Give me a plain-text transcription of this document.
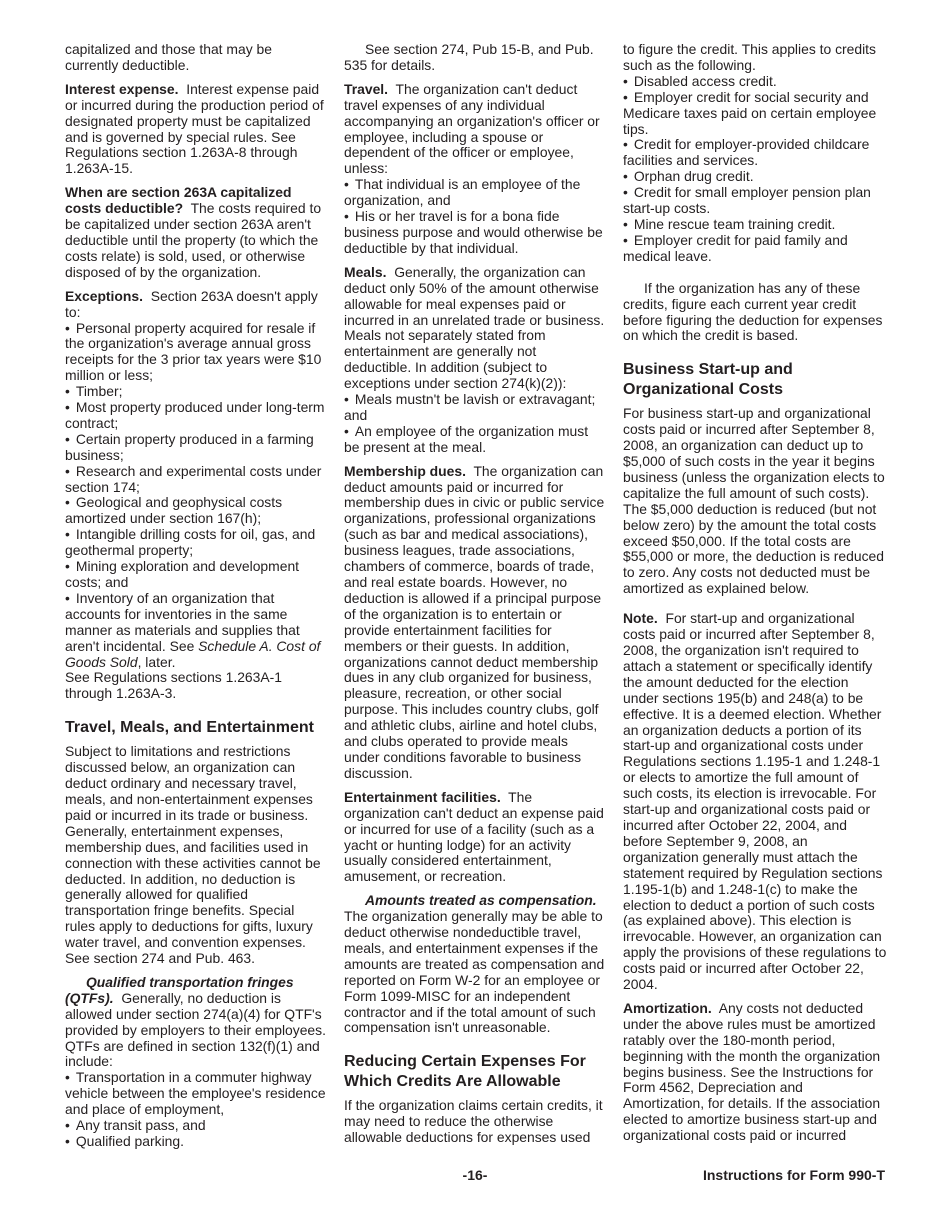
capitalized and those that may be currently deductible.

Interest expense. Interest expense paid or incurred during the production period of designated property must be capitalized and is governed by special rules. See Regulations section 1.263A-8 through 1.263A-15.

When are section 263A capitalized costs deductible? The costs required to be capitalized under section 263A aren't deductible until the property (to which the costs relate) is sold, used, or otherwise disposed of by the organization.

Exceptions. Section 263A doesn't apply to:

• Personal property acquired for resale if the organization's average annual gross receipts for the 3 prior tax years were $10 million or less;
• Timber;
• Most property produced under long-term contract;
• Certain property produced in a farming business;
• Research and experimental costs under section 174;
• Geological and geophysical costs amortized under section 167(h);
• Intangible drilling costs for oil, gas, and geothermal property;
• Mining exploration and development costs; and
• Inventory of an organization that accounts for inventories in the same manner as materials and supplies that aren't incidental. See Schedule A. Cost of Goods Sold, later.

See Regulations sections 1.263A-1 through 1.263A-3.

Travel, Meals, and Entertainment

Subject to limitations and restrictions discussed below, an organization can deduct ordinary and necessary travel, meals, and non-entertainment expenses paid or incurred in its trade or business. Generally, entertainment expenses, membership dues, and facilities used in connection with these activities cannot be deducted. In addition, no deduction is generally allowed for qualified transportation fringe benefits. Special rules apply to deductions for gifts, luxury water travel, and convention expenses. See section 274 and Pub. 463.

Qualified transportation fringes (QTFs). Generally, no deduction is allowed under section 274(a)(4) for QTF's provided by employers to their employees. QTFs are defined in section 132(f)(1) and include:

• Transportation in a commuter highway vehicle between the employee's residence and place of employment,
• Any transit pass, and
• Qualified parking.

See section 274, Pub 15-B, and Pub. 535 for details.

Travel. The organization can't deduct travel expenses of any individual accompanying an organization's officer or employee, including a spouse or dependent of the officer or employee, unless:

• That individual is an employee of the organization, and
• His or her travel is for a bona fide business purpose and would otherwise be deductible by that individual.

Meals. Generally, the organization can deduct only 50% of the amount otherwise allowable for meal expenses paid or incurred in an unrelated trade or business. Meals not separately stated from entertainment are generally not deductible. In addition (subject to exceptions under section 274(k)(2)):

• Meals mustn't be lavish or extravagant; and
• An employee of the organization must be present at the meal.

Membership dues. The organization can deduct amounts paid or incurred for membership dues in civic or public service organizations, professional organizations (such as bar and medical associations), business leagues, trade associations, chambers of commerce, boards of trade, and real estate boards. However, no deduction is allowed if a principal purpose of the organization is to entertain or provide entertainment facilities for members or their guests. In addition, organizations cannot deduct membership dues in any club organized for business, pleasure, recreation, or other social purpose. This includes country clubs, golf and athletic clubs, airline and hotel clubs, and clubs operated to provide meals under conditions favorable to business discussion.

Entertainment facilities. The organization can't deduct an expense paid or incurred for use of a facility (such as a yacht or hunting lodge) for an activity usually considered entertainment, amusement, or recreation.

Amounts treated as compensation. The organization generally may be able to deduct otherwise nondeductible travel, meals, and entertainment expenses if the amounts are treated as compensation and reported on Form W-2 for an employee or Form 1099-MISC for an independent contractor and if the total amount of such compensation isn't unreasonable.

Reducing Certain Expenses For Which Credits Are Allowable

If the organization claims certain credits, it may need to reduce the otherwise allowable deductions for expenses used

to figure the credit. This applies to credits such as the following.

• Disabled access credit.
• Employer credit for social security and Medicare taxes paid on certain employee tips.
• Credit for employer-provided childcare facilities and services.
• Orphan drug credit.
• Credit for small employer pension plan start-up costs.
• Mine rescue team training credit.
• Employer credit for paid family and medical leave.

If the organization has any of these credits, figure each current year credit before figuring the deduction for expenses on which the credit is based.

Business Start-up and Organizational Costs

For business start-up and organizational costs paid or incurred after September 8, 2008, an organization can deduct up to $5,000 of such costs in the year it begins business (unless the organization elects to capitalize the full amount of such costs). The $5,000 deduction is reduced (but not below zero) by the amount the total costs exceed $50,000. If the total costs are $55,000 or more, the deduction is reduced to zero. Any costs not deducted must be amortized as explained below.

Note. For start-up and organizational costs paid or incurred after September 8, 2008, the organization isn't required to attach a statement or specifically identify the amount deducted for the election under sections 195(b) and 248(a) to be effective. It is a deemed election. Whether an organization deducts a portion of its start-up and organizational costs under Regulations sections 1.195-1 and 1.248-1 or elects to amortize the full amount of such costs, its election is irrevocable. For start-up and organizational costs paid or incurred after October 22, 2004, and before September 9, 2008, an organization generally must attach the statement required by Regulation sections 1.195-1(b) and 1.248-1(c) to make the election to deduct a portion of such costs (as explained above). This election is irrevocable. However, an organization can apply the provisions of these regulations to costs paid or incurred after October 22, 2004.

Amortization. Any costs not deducted under the above rules must be amortized ratably over the 180-month period, beginning with the month the organization begins business. See the Instructions for Form 4562, Depreciation and Amortization, for details. If the association elected to amortize business start-up and organizational costs paid or incurred

-16-	Instructions for Form 990-T
